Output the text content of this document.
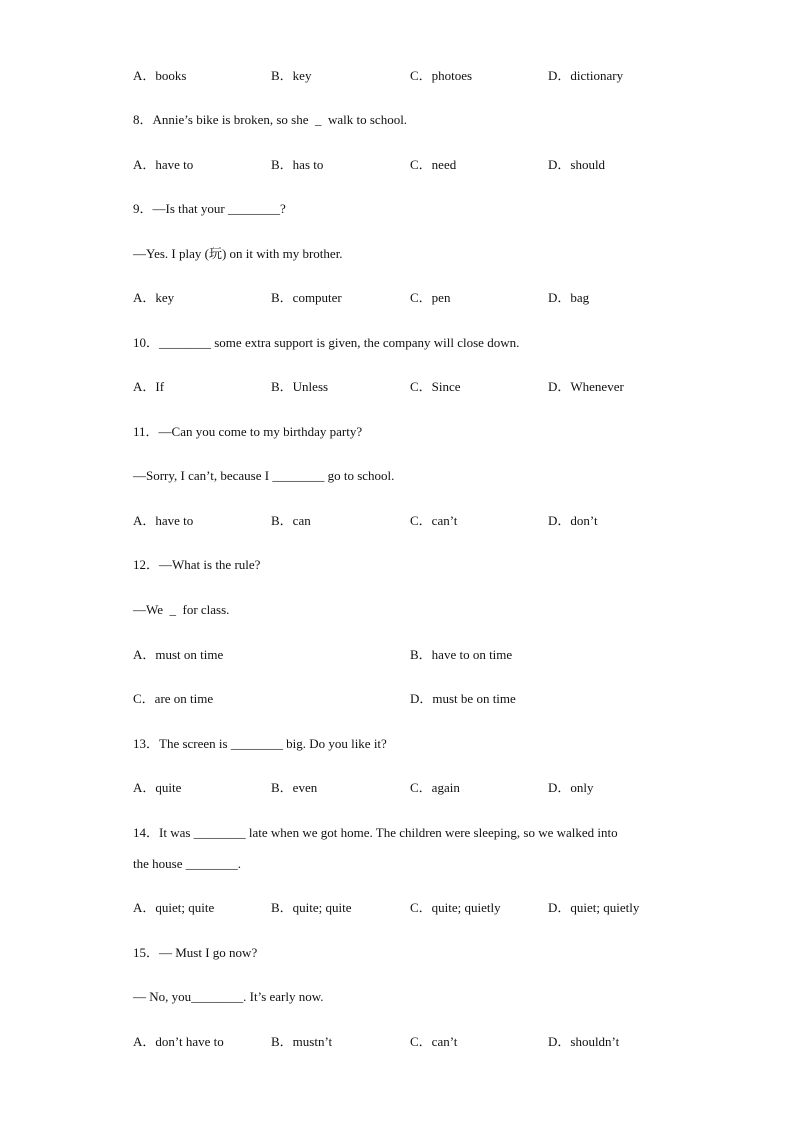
A．books	B．key	C．photoes	D．dictionary
8．Annie’s bike is broken, so she  _  walk to school.
A．have to	B．has to	C．need	D．should
9．—Is that your ________?
—Yes. I play (玩) on it with my brother.
A．key	B．computer	C．pen	D．bag
10．________ some extra support is given, the company will close down.
A．If	B．Unless	C．Since	D．Whenever
11．—Can you come to my birthday party?
—Sorry, I can’t, because I ________ go to school.
A．have to	B．can	C．can’t	D．don’t
12．—What is the rule?
—We  _  for class.
A．must on time	B．have to on time
C．are on time	D．must be on time
13．The screen is ________ big. Do you like it?
A．quite	B．even	C．again	D．only
14．It was ________ late when we got home. The children were sleeping, so we walked into
the house ________.
A．quiet; quite	B．quite; quite	C．quite; quietly	D．quiet; quietly
15．— Must I go now?
— No, you________. It’s early now.
A．don’t have to	B．mustn’t	C．can’t	D．shouldn’t
